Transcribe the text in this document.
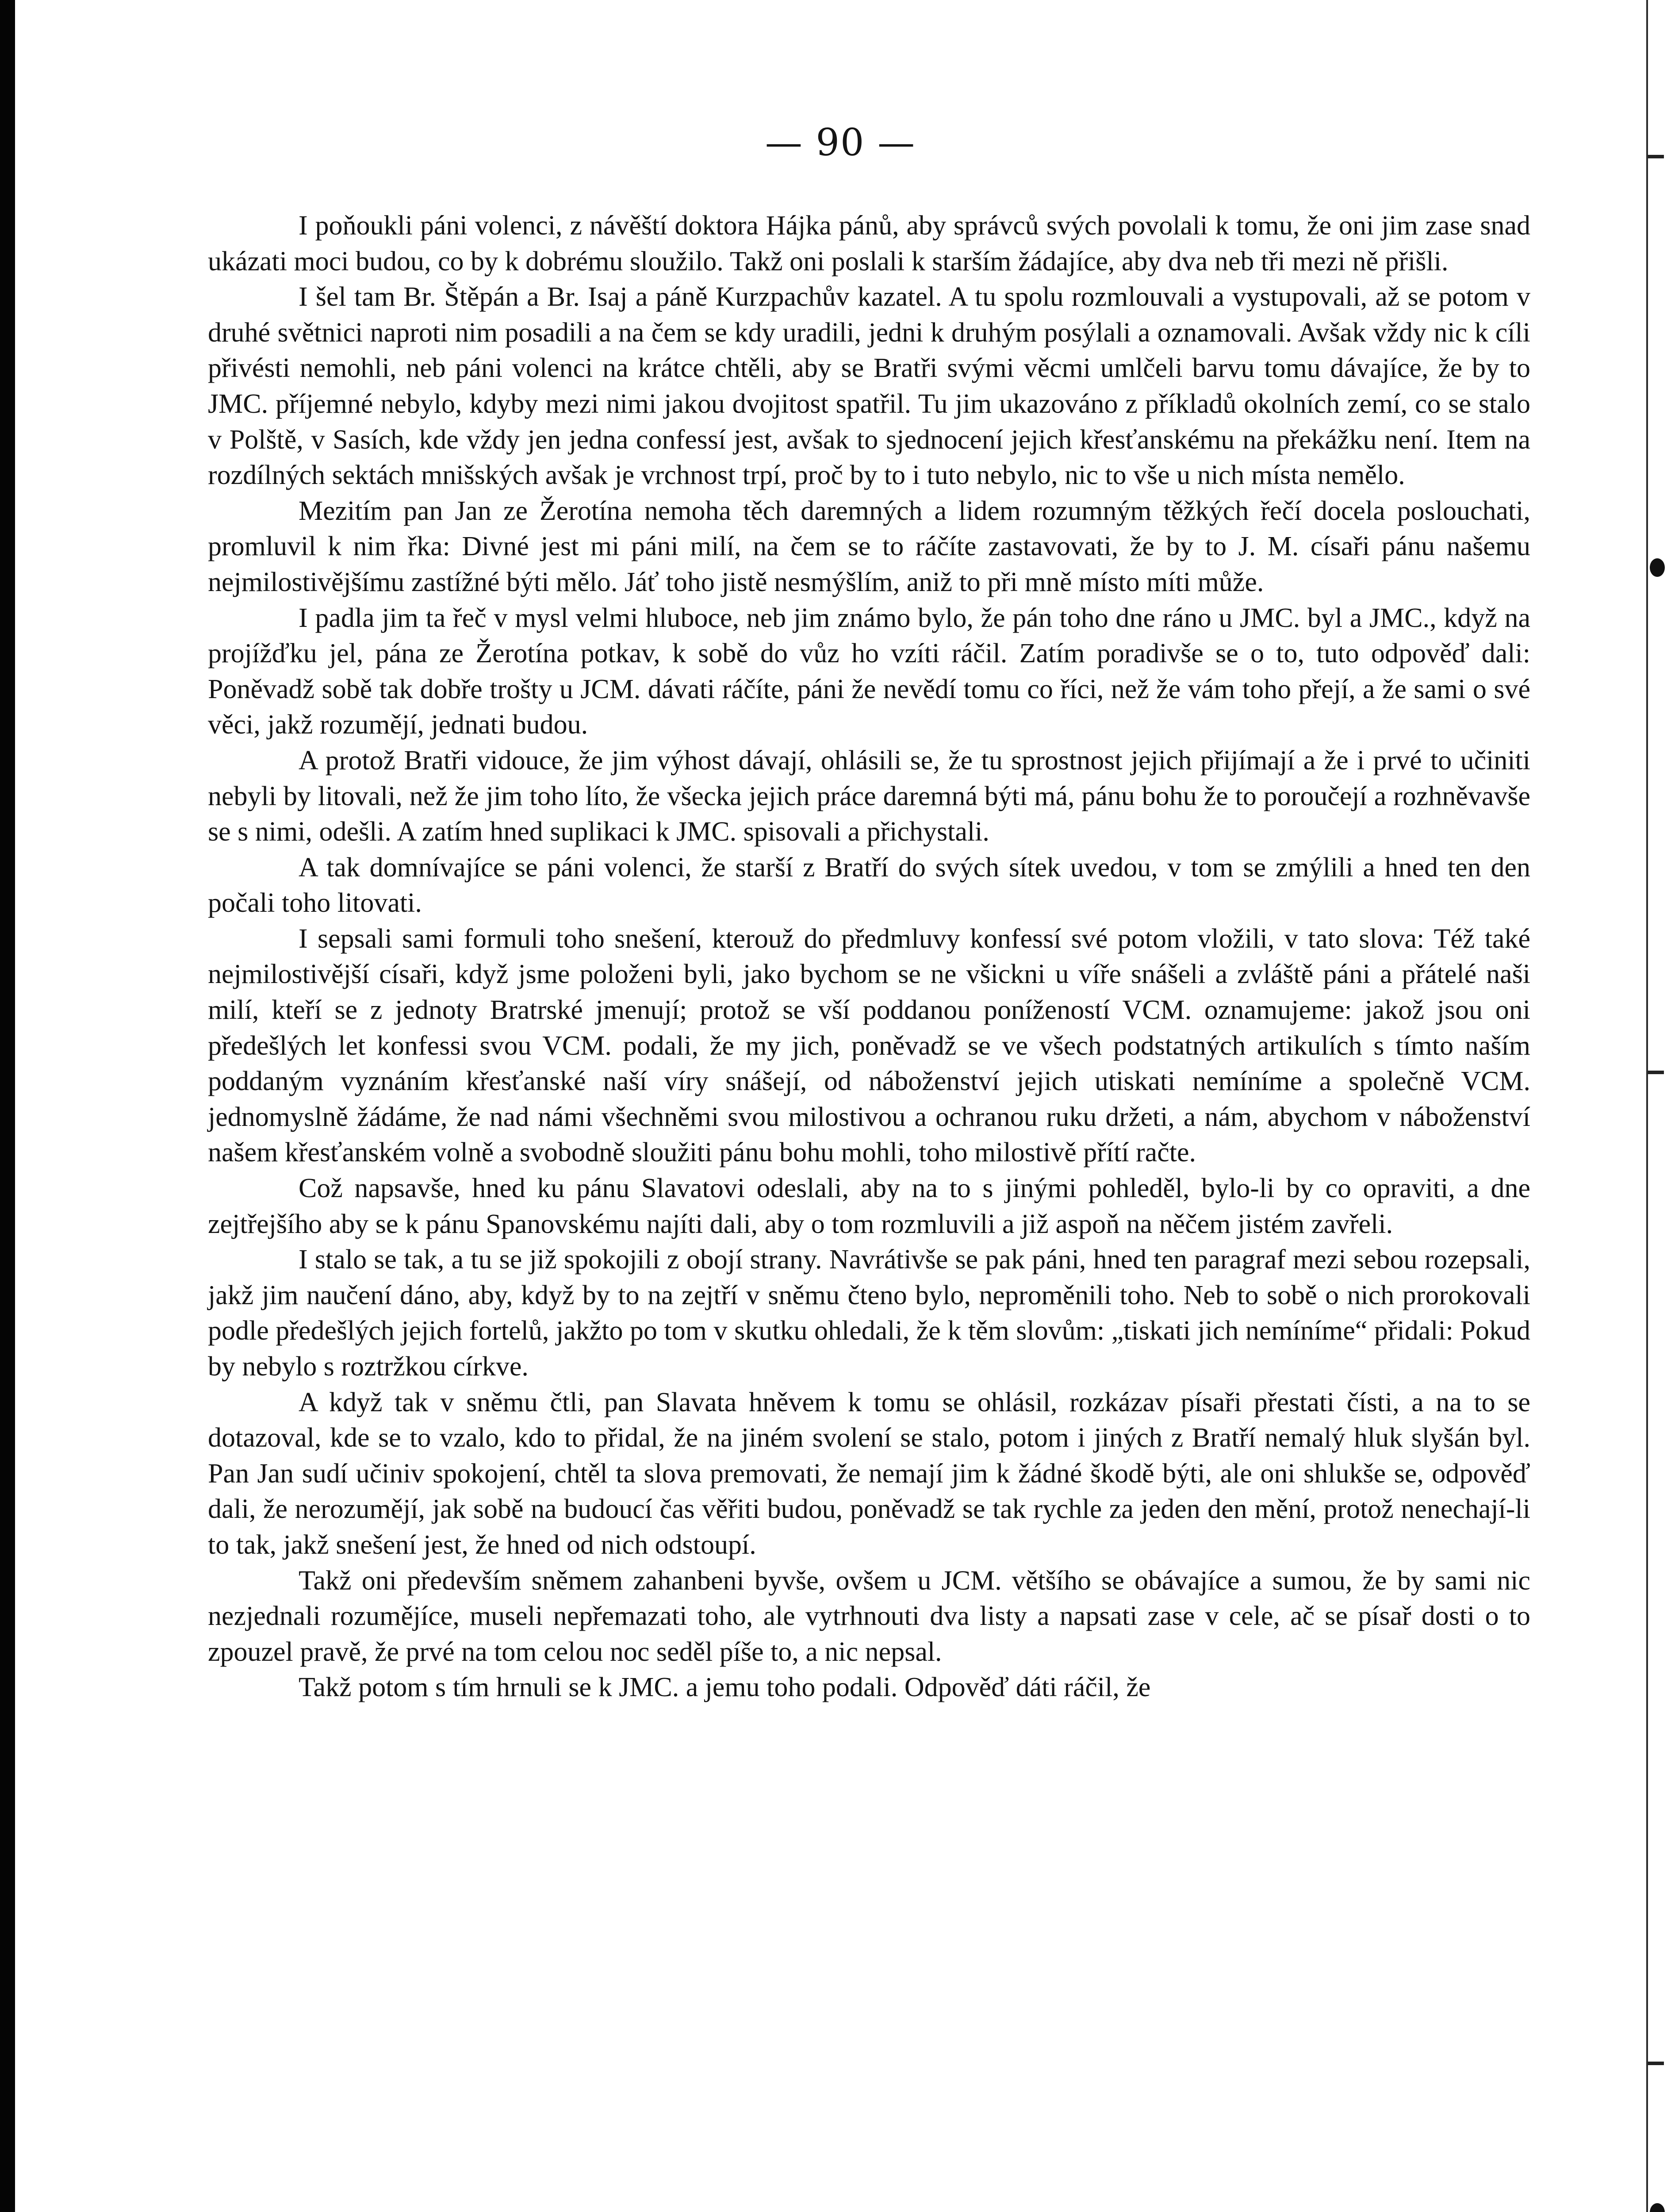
— 90 —

I poňoukli páni volenci, z návěští doktora Hájka pánů, aby správců svých povolali k tomu, že oni jim zase snad ukázati moci budou, co by k dobrému sloužilo. Takž oni poslali k starším žádajíce, aby dva neb tři mezi ně přišli.

I šel tam Br. Štěpán a Br. Isaj a páně Kurzpachův kazatel. A tu spolu rozmlouvali a vystupovali, až se potom v druhé světnici naproti nim posadili a na čem se kdy uradili, jedni k druhým posýlali a oznamovali. Avšak vždy nic k cíli přivésti nemohli, neb páni volenci na krátce chtěli, aby se Bratři svými věcmi umlčeli barvu tomu dávajíce, že by to JMC. příjemné nebylo, kdyby mezi nimi jakou dvojitost spatřil. Tu jim ukazováno z příkladů okolních zemí, co se stalo v Polště, v Sasích, kde vždy jen jedna confessí jest, avšak to sjednocení jejich křesťanskému na překážku není. Item na rozdílných sektách mnišských avšak je vrchnost trpí, proč by to i tuto nebylo, nic to vše u nich místa nemělo.

Mezitím pan Jan ze Žerotína nemoha těch daremných a lidem rozumným těžkých řečí docela poslouchati, promluvil k nim řka: Divné jest mi páni milí, na čem se to ráčíte zastavovati, že by to J. M. císaři pánu našemu nejmilostivějšímu zastížné býti mělo. Jáť toho jistě nesmýšlím, aniž to při mně místo míti může.

I padla jim ta řeč v mysl velmi hluboce, neb jim známo bylo, že pán toho dne ráno u JMC. byl a JMC., když na projížďku jel, pána ze Žerotína potkav, k sobě do vůz ho vzíti ráčil. Zatím poradivše se o to, tuto odpověď dali: Poněvadž sobě tak dobře trošty u JCM. dávati ráčíte, páni že nevědí tomu co říci, než že vám toho přejí, a že sami o své věci, jakž rozumějí, jednati budou.

A protož Bratři vidouce, že jim výhost dávají, ohlásili se, že tu sprostnost jejich přijímají a že i prvé to učiniti nebyli by litovali, než že jim toho líto, že všecka jejich práce daremná býti má, pánu bohu že to poroučejí a rozhněvavše se s nimi, odešli. A zatím hned suplikaci k JMC. spisovali a přichystali.

A tak domnívajíce se páni volenci, že starší z Bratří do svých sítek uvedou, v tom se zmýlili a hned ten den počali toho litovati.

I sepsali sami formuli toho snešení, kterouž do předmluvy konfessí své potom vložili, v tato slova: Též také nejmilostivější císaři, když jsme položeni byli, jako bychom se ne všickni u víře snášeli a zvláště páni a přátelé naši milí, kteří se z jednoty Bratrské jmenují; protož se vší poddanou ponížeností VCM. oznamujeme: jakož jsou oni předešlých let konfessi svou VCM. podali, že my jich, poněvadž se ve všech podstatných artikulích s tímto naším poddaným vyznáním křesťanské naší víry snášejí, od náboženství jejich utiskati nemíníme a společně VCM. jednomyslně žádáme, že nad námi všechněmi svou milostivou a ochranou ruku držeti, a nám, abychom v náboženství našem křesťanském volně a svobodně sloužiti pánu bohu mohli, toho milostivě přítí račte.

Což napsavše, hned ku pánu Slavatovi odeslali, aby na to s jinými pohleděl, bylo-li by co opraviti, a dne zejtřejšího aby se k pánu Spanovskému najíti dali, aby o tom rozmluvili a již aspoň na něčem jistém zavřeli.

I stalo se tak, a tu se již spokojili z obojí strany. Navrátivše se pak páni, hned ten paragraf mezi sebou rozepsali, jakž jim naučení dáno, aby, když by to na zejtří v sněmu čteno bylo, neproměnili toho. Neb to sobě o nich prorokovali podle předešlých jejich fortelů, jakžto po tom v skutku ohledali, že k těm slovům: „tiskati jich nemíníme“ přidali: Pokud by nebylo s roztržkou církve.

A když tak v sněmu čtli, pan Slavata hněvem k tomu se ohlásil, rozkázav písaři přestati čísti, a na to se dotazoval, kde se to vzalo, kdo to přidal, že na jiném svolení se stalo, potom i jiných z Bratří nemalý hluk slyšán byl. Pan Jan sudí učiniv spokojení, chtěl ta slova premovati, že nemají jim k žádné škodě býti, ale oni shlukše se, odpověď dali, že nerozumějí, jak sobě na budoucí čas věřiti budou, poněvadž se tak rychle za jeden den mění, protož nenechají-li to tak, jakž snešení jest, že hned od nich odstoupí.

Takž oni především sněmem zahanbeni byvše, ovšem u JCM. většího se obávajíce a sumou, že by sami nic nezjednali rozumějíce, museli nepřemazati toho, ale vytrhnouti dva listy a napsati zase v cele, ač se písař dosti o to zpouzel pravě, že prvé na tom celou noc seděl píše to, a nic nepsal.

Takž potom s tím hrnuli se k JMC. a jemu toho podali. Odpověď dáti ráčil, že
